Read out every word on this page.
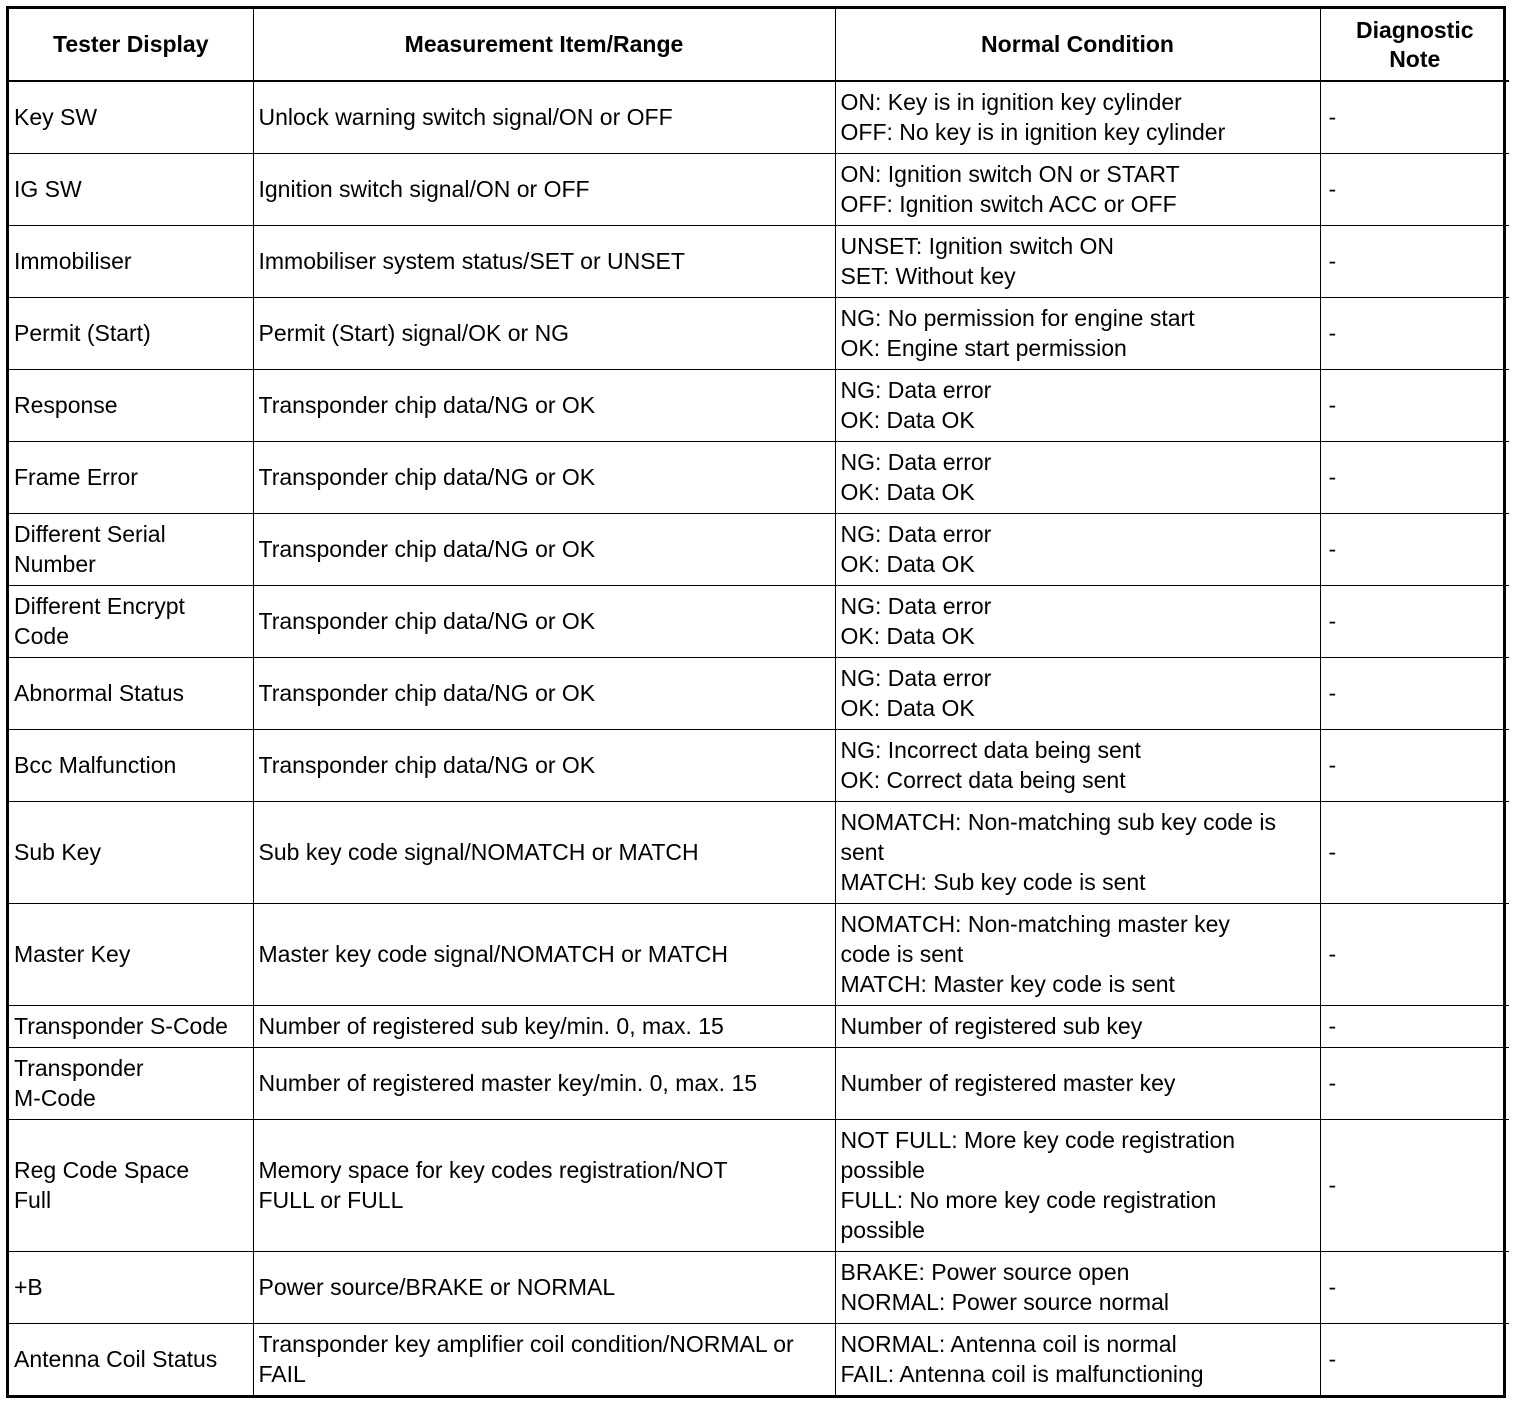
Tester Display	Measurement Item/Range	Normal Condition	Diagnostic Note

Key SW	Unlock warning switch signal/ON or OFF	ON: Key is in ignition key cylinder
OFF: No key is in ignition key cylinder	-

IG SW	Ignition switch signal/ON or OFF	ON: Ignition switch ON or START
OFF: Ignition switch ACC or OFF	-

Immobiliser	Immobiliser system status/SET or UNSET	UNSET: Ignition switch ON
SET: Without key	-

Permit (Start)	Permit (Start) signal/OK or NG	NG: No permission for engine start
OK: Engine start permission	-

Response	Transponder chip data/NG or OK	NG: Data error
OK: Data OK	-

Frame Error	Transponder chip data/NG or OK	NG: Data error
OK: Data OK	-

Different Serial Number	Transponder chip data/NG or OK	NG: Data error
OK: Data OK	-

Different Encrypt Code	Transponder chip data/NG or OK	NG: Data error
OK: Data OK	-

Abnormal Status	Transponder chip data/NG or OK	NG: Data error
OK: Data OK	-

Bcc Malfunction	Transponder chip data/NG or OK	NG: Incorrect data being sent
OK: Correct data being sent	-

Sub Key	Sub key code signal/NOMATCH or MATCH	NOMATCH: Non-matching sub key code is sent
MATCH: Sub key code is sent	-

Master Key	Master key code signal/NOMATCH or MATCH	NOMATCH: Non-matching master key code is sent
MATCH: Master key code is sent	-

Transponder S-Code	Number of registered sub key/min. 0, max. 15	Number of registered sub key	-

Transponder M-Code	Number of registered master key/min. 0, max. 15	Number of registered master key	-

Reg Code Space Full	Memory space for key codes registration/NOT FULL or FULL	NOT FULL: More key code registration possible
FULL: No more key code registration possible	-

+B	Power source/BRAKE or NORMAL	BRAKE: Power source open
NORMAL: Power source normal	-

Antenna Coil Status	Transponder key amplifier coil condition/NORMAL or FAIL	NORMAL: Antenna coil is normal
FAIL: Antenna coil is malfunctioning	-
